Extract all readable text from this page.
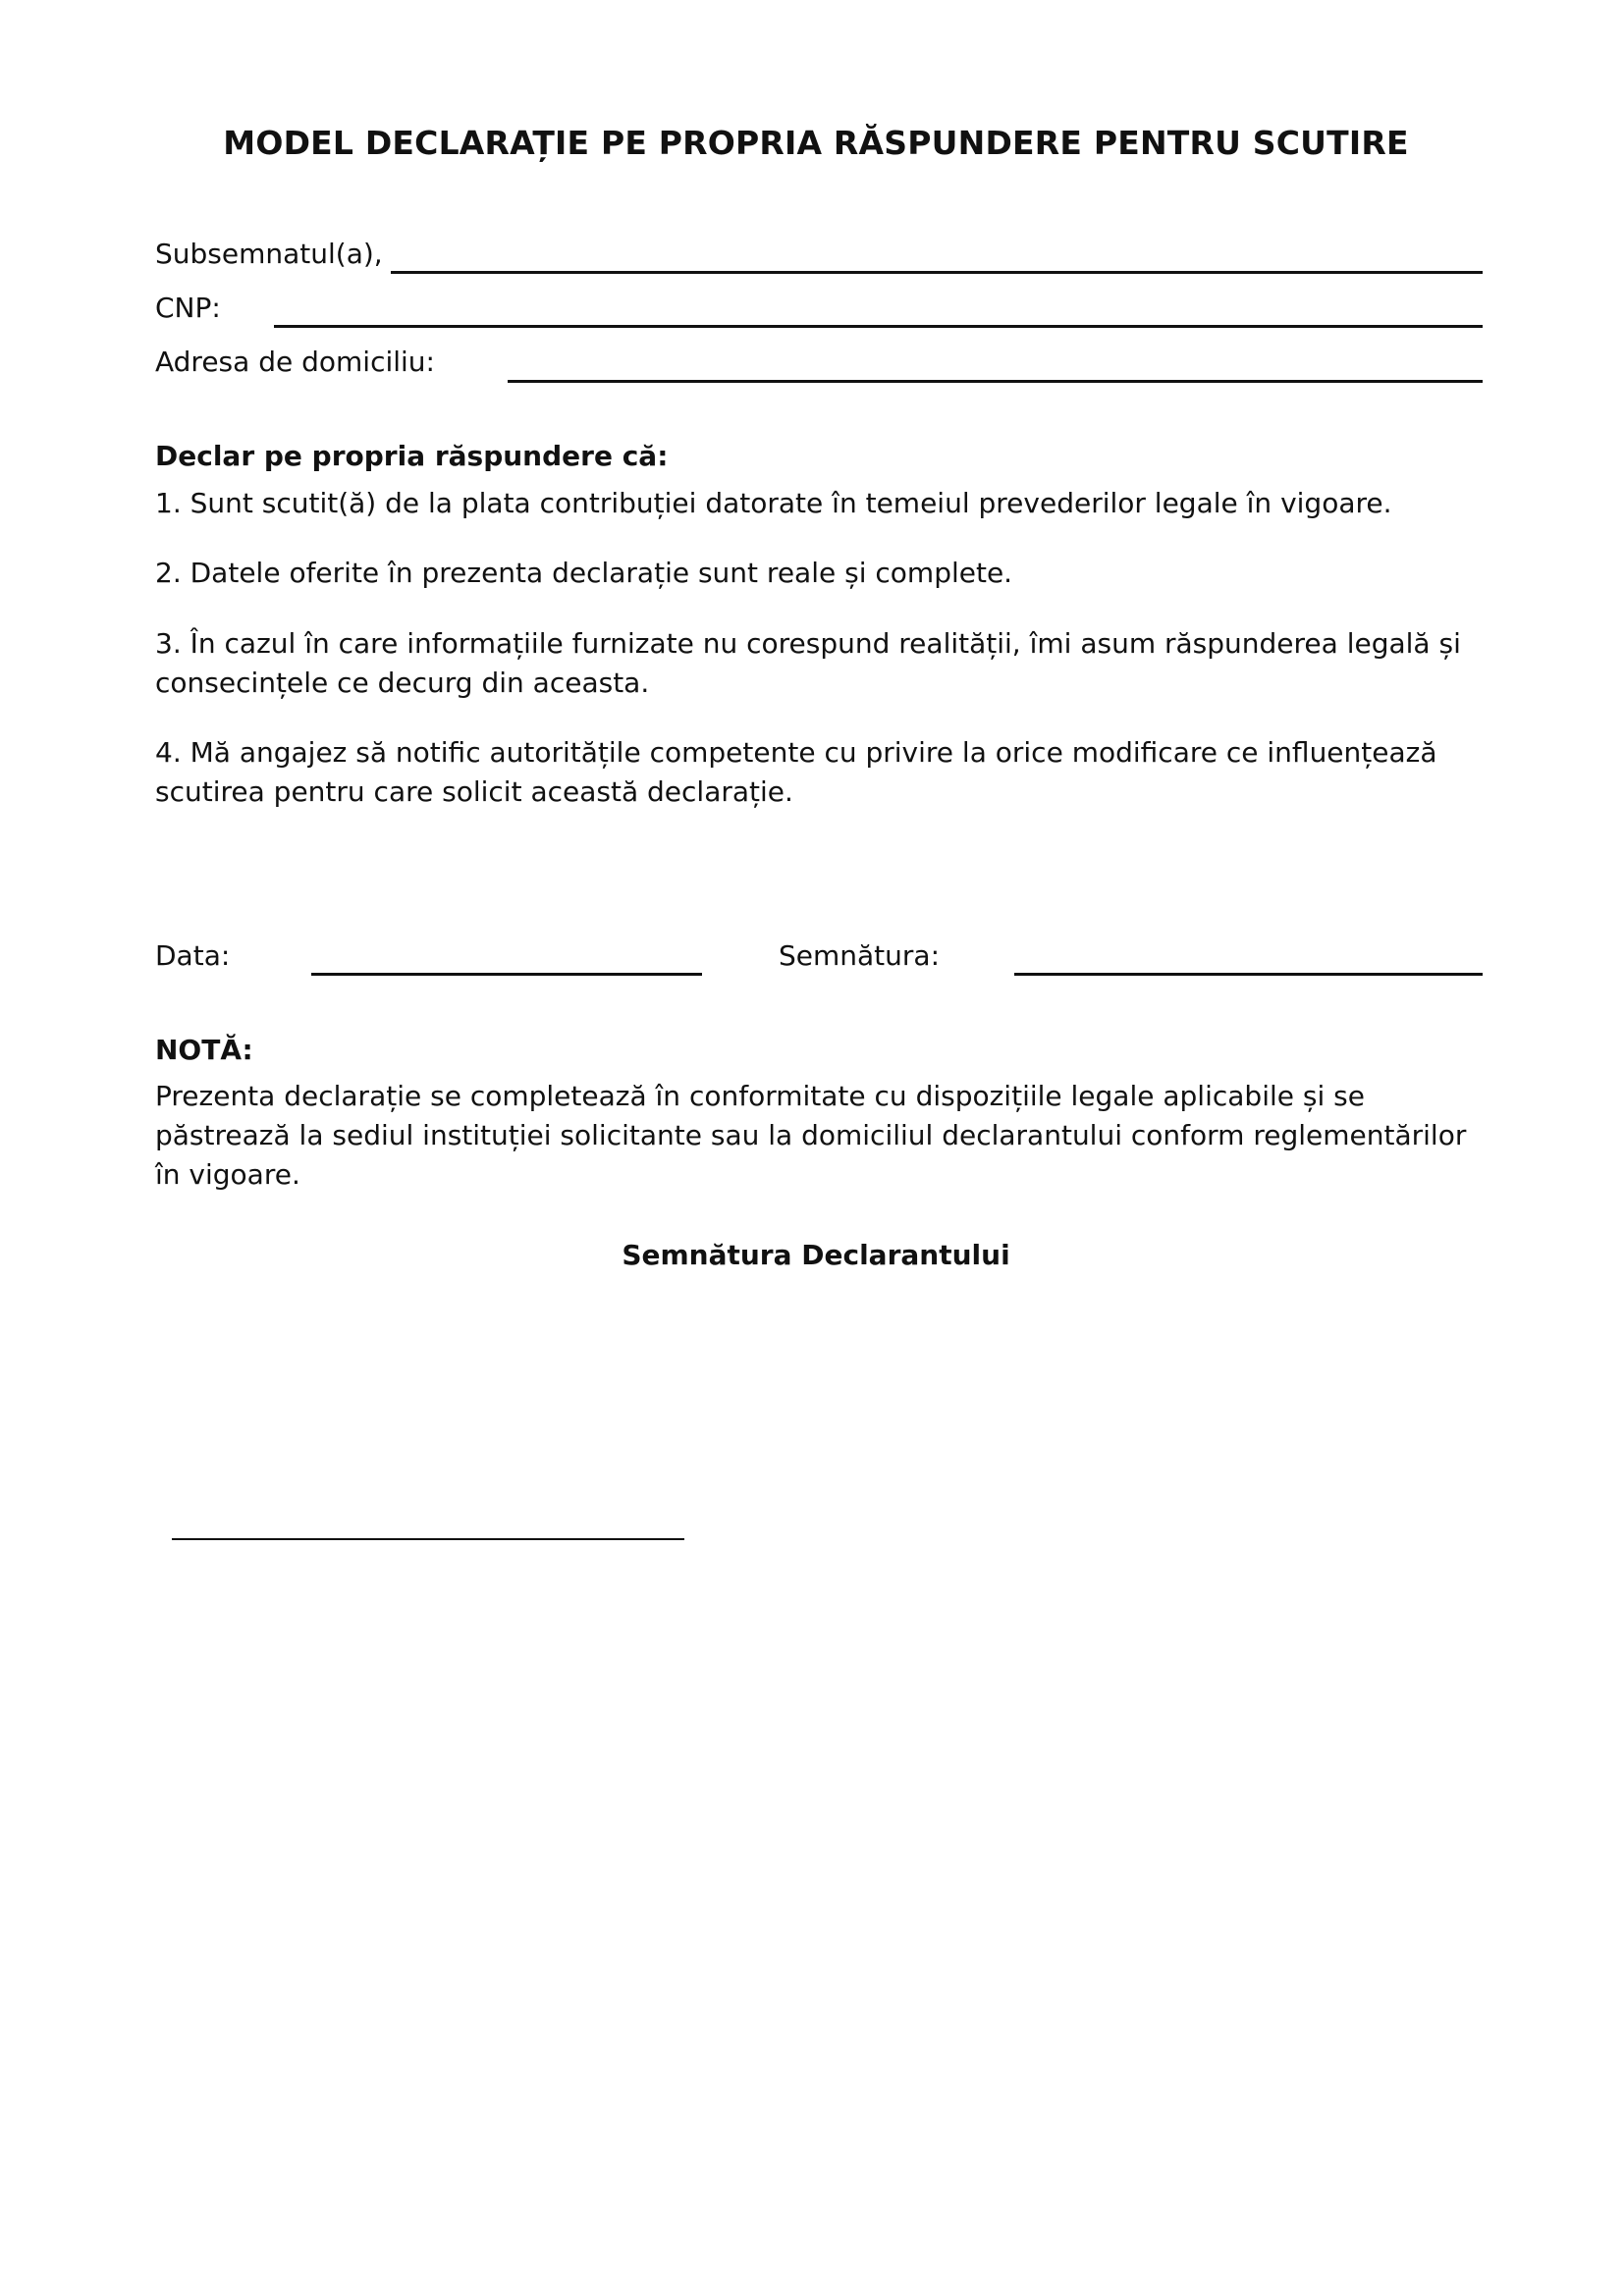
MODEL DECLARAȚIE PE PROPRIA RĂSPUNDERE PENTRU SCUTIRE
Subsemnatul(a),
CNP:
Adresa de domiciliu:
Declar pe propria răspundere că:

1. Sunt scutit(ă) de la plata contribuției datorate în temeiul prevederilor legale în vigoare.

2. Datele oferite în prezenta declarație sunt reale și complete.

3. În cazul în care informațiile furnizate nu corespund realității, îmi asum răspunderea legală și consecințele ce decurg din aceasta.

4. Mă angajez să notific autoritățile competente cu privire la orice modificare ce influențează scutirea pentru care solicit această declarație.

Data:	Semnătura:
NOTĂ:

Prezenta declarație se completează în conformitate cu dispozițiile legale aplicabile și se păstrează la sediul instituției solicitante sau la domiciliul declarantului conform reglementărilor în vigoare.

Semnătura Declarantului
